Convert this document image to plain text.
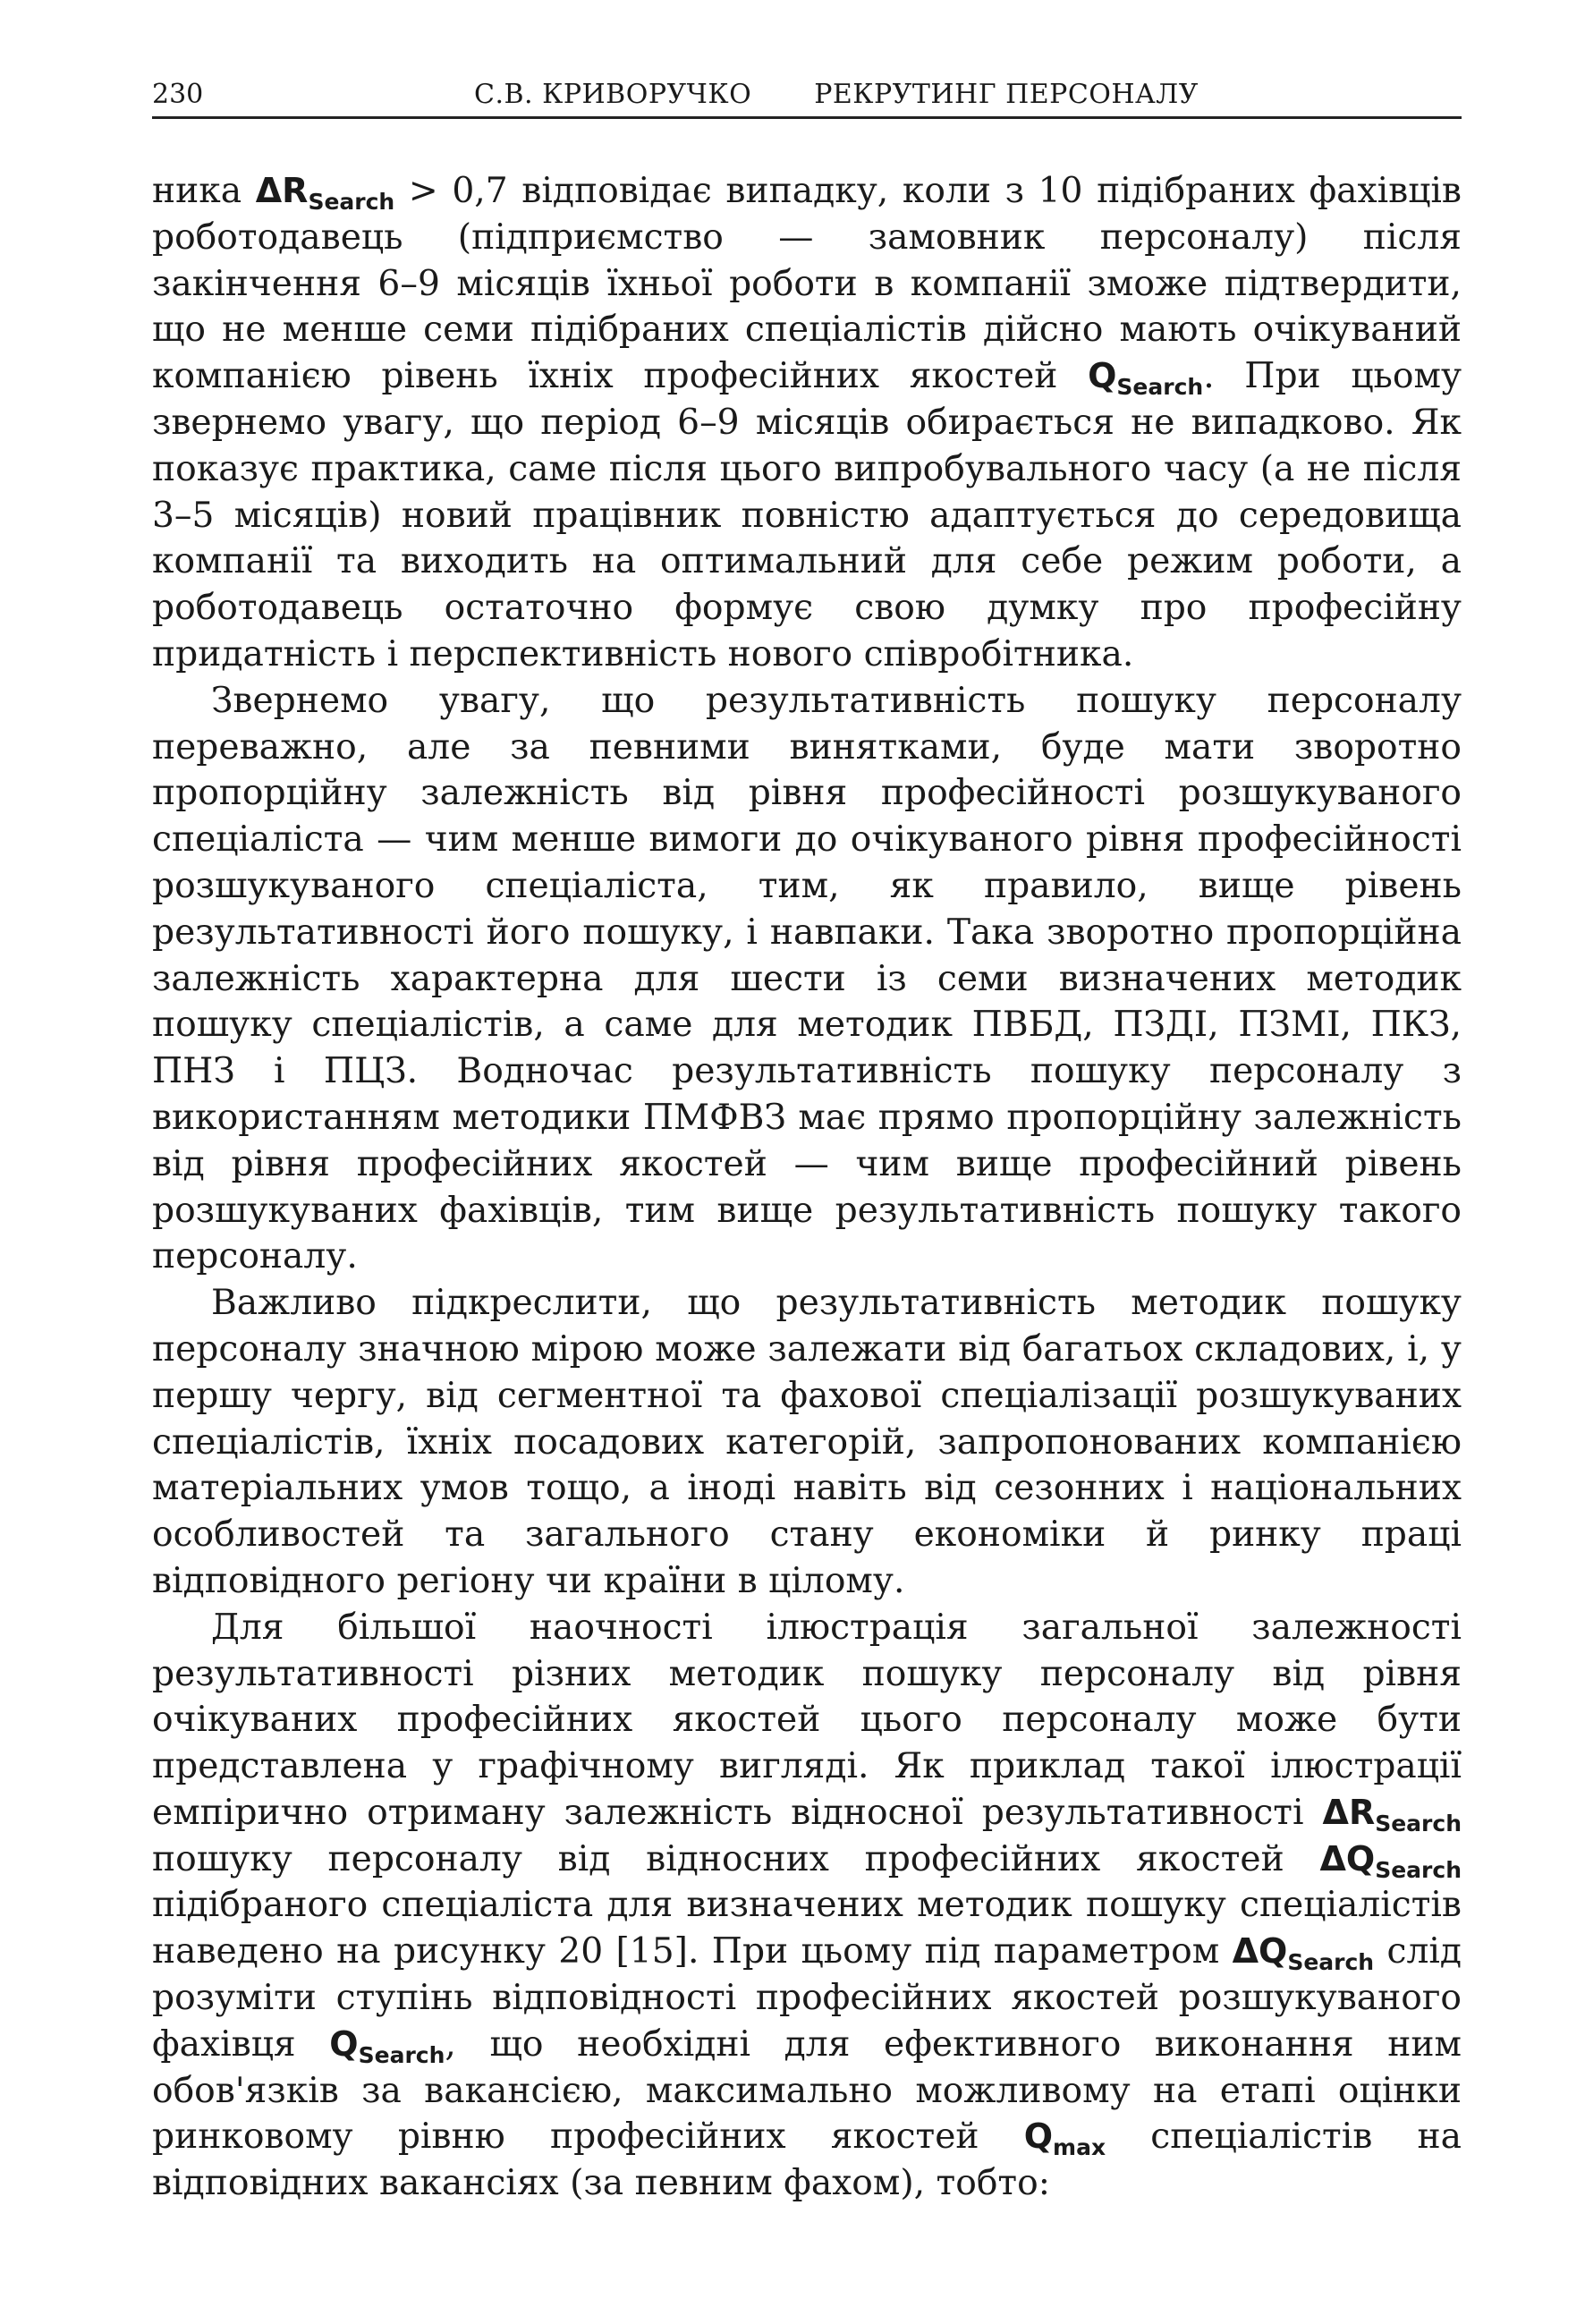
230	С.В. КРИВОРУЧКО РЕКРУТИНГ ПЕРСОНАЛУ

ника $\Delta R_{Search} > 0,7$ відповідає випадку, коли з 10 підібраних фахівців роботодавець (підприємство — замовник персоналу) після закінчення 6–9 місяців їхньої роботи в компанії зможе підтвердити, що не менше семи підібраних спеціалістів дійсно мають очікуваний компанією рівень їхніх професійних якостей $Q_{Search}$. При цьому звернемо увагу, що період 6–9 місяців обирається не випадково. Як показує практика, саме після цього випробувального часу (а не після 3–5 місяців) новий працівник повністю адаптується до середовища компанії та виходить на оптимальний для себе режим роботи, а роботодавець остаточно формує свою думку про професійну придатність і перспективність нового співробітника.

Звернемо увагу, що результативність пошуку персоналу переважно, але за певними винятками, буде мати зворотно пропорційну залежність від рівня професійності розшукуваного спеціаліста — чим менше вимоги до очікуваного рівня професійності розшукуваного спеціаліста, тим, як правило, вище рівень результативності його пошуку, і навпаки. Така зворотно пропорційна залежність характерна для шести із семи визначених методик пошуку спеціалістів, а саме для методик ПВБД, ПЗДІ, ПЗМІ, ПКЗ, ПНЗ і ПЦЗ. Водночас результативність пошуку персоналу з використанням методики ПМФВЗ має прямо пропорційну залежність від рівня професійних якостей — чим вище професійний рівень розшукуваних фахівців, тим вище результативність пошуку такого персоналу.

Важливо підкреслити, що результативність методик пошуку персоналу значною мірою може залежати від багатьох складових, і, у першу чергу, від сегментної та фахової спеціалізації розшукуваних спеціалістів, їхніх посадових категорій, запропонованих компанією матеріальних умов тощо, а іноді навіть від сезонних і національних особливостей та загального стану економіки й ринку праці відповідного регіону чи країни в цілому.

Для більшої наочності ілюстрація загальної залежності результативності різних методик пошуку персоналу від рівня очікуваних професійних якостей цього персоналу може бути представлена у графічному вигляді. Як приклад такої ілюстрації емпірично отриману залежність відносної результативності $\Delta R_{Search}$ пошуку персоналу від відносних професійних якостей $\Delta Q_{Search}$ підібраного спеціаліста для визначених методик пошуку спеціалістів наведено на рисунку 20 [15]. При цьому під параметром $\Delta Q_{Search}$ слід розуміти ступінь відповідності професійних якостей розшукуваного фахівця $Q_{Search}$, що необхідні для ефективного виконання ним обов'язків за вакансією, максимально можливому на етапі оцінки ринковому рівню професійних якостей $Q_{max}$ спеціалістів на відповідних вакансіях (за певним фахом), тобто:
